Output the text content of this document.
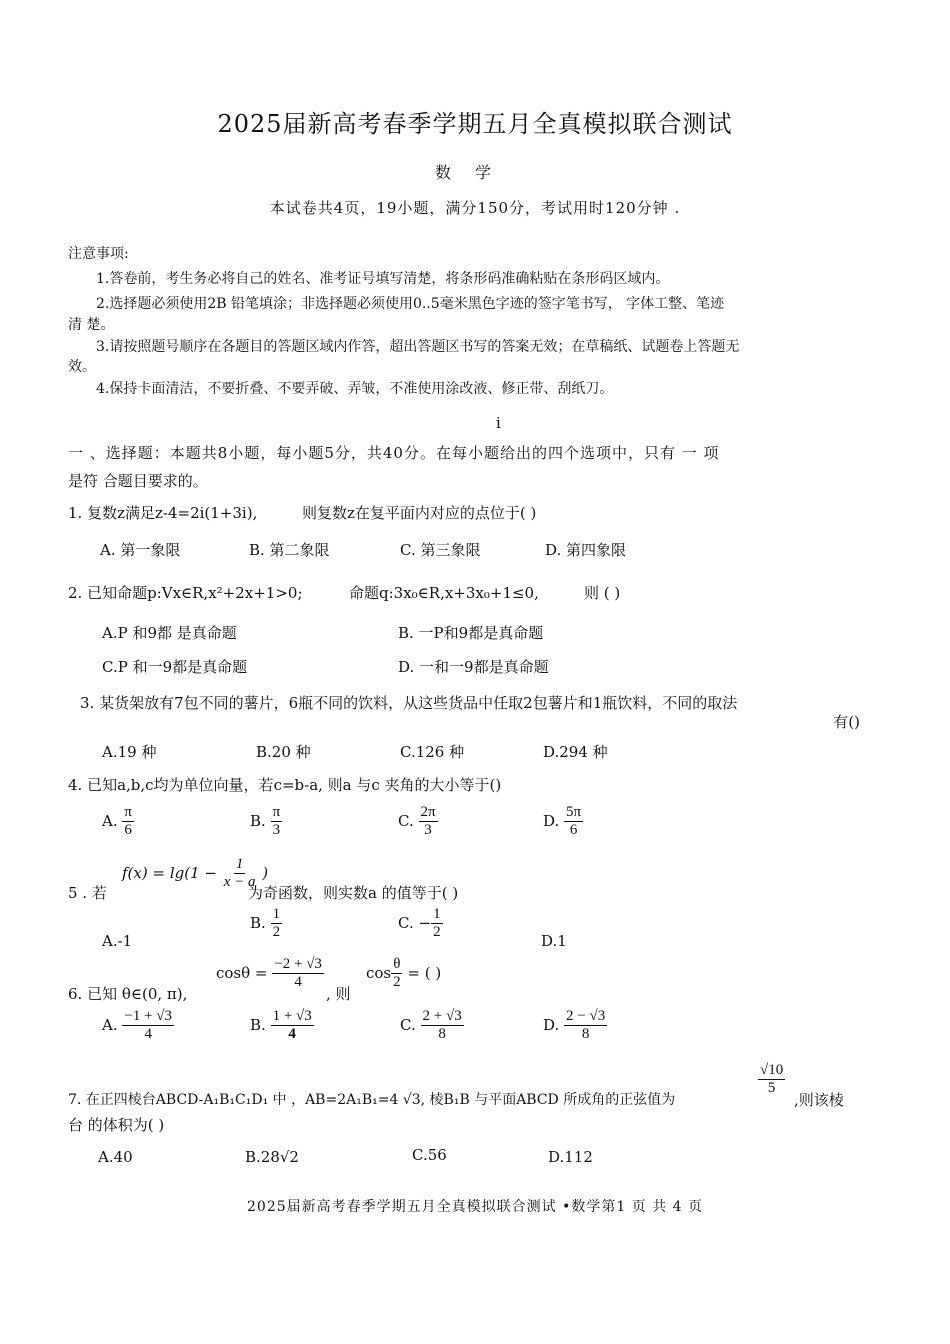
2025届新高考春季学期五月全真模拟联合测试
数学
本试卷共4页，19小题，满分150分，考试用时120分钟 .
注意事项:
1.答卷前，考生务必将自己的姓名、准考证号填写清楚，将条形码准确粘贴在条形码区域内。
2.选择题必须使用2B 铅笔填涂；非选择题必须使用0..5毫米黑色字迹的签字笔书写， 字体工整、笔迹
清 楚。
3.请按照题号顺序在各题目的答题区域内作答，超出答题区书写的答案无效；在草稿纸、试题卷上答题无
效。
4.保持卡面清洁，不要折叠、不要弄破、弄皱，不准使用涂改液、修正带、刮纸刀。
i
一 、选择题：本题共8小题，每小题5分，共40分。在每小题给出的四个选项中，只有 一 项
是符 合题目要求的。
1. 复数z满足z-4=2i(1+3i),	则复数z在复平面内对应的点位于( )
A. 第一象限	B. 第二象限	C. 第三象限	D. 第四象限
2. 已知命题p:Vx∈R,x²+2x+1>0;	命题q:3x₀∈R,x+3x₀+1≤0,	则 ( )
A.P 和9都 是真命题	B. 一P和9都是真命题
C.P 和一9都是真命题	D. 一和一9都是真命题
3. 某货架放有7包不同的薯片，6瓶不同的饮料，从这些货品中任取2包薯片和1瓶饮料，不同的取法
有()
A.19 种	B.20 种	C.126 种	D.294 种
4. 已知a,b,c均为单位向量，若c=b-a, 则a 与c 夹角的大小等于()
A. $\frac{\pi}{6}$	B. $\frac{\pi}{3}$	C. $\frac{2\pi}{3}$	D. $\frac{5\pi}{6}$
5 . 若
$f(x) = \lg(1 - \frac{1}{x - a}$ )
为奇函数，则实数a 的值等于( )
A.-1
B. $\frac{1}{2}$	C. − $\frac{1}{2}$	D.1
6. 已知 θ∈(0, π),
$\cos\theta = \frac{-2 + √3}{4}$
, 则
$\cos \frac{\theta}{2}$ = ( )
A. $\frac{-1 + √3}{4}$	B. $\frac{1 + √3}{4}$	C. $\frac{2 + √3}{8}$	D. $\frac{2 - √3}{8}$
7. 在正四棱台ABCD-A₁B₁C₁D₁ 中 ，AB=2A₁B₁=4 √3, 棱B₁B 与平面ABCD 所成角的正弦值为
$\frac{√10}{5}$
,则该棱
台 的体积为( )
A.40	B.28√2	C.56	D.112
2025届新高考春季学期五月全真模拟联合测试 •数学第1 页 共 4 页
